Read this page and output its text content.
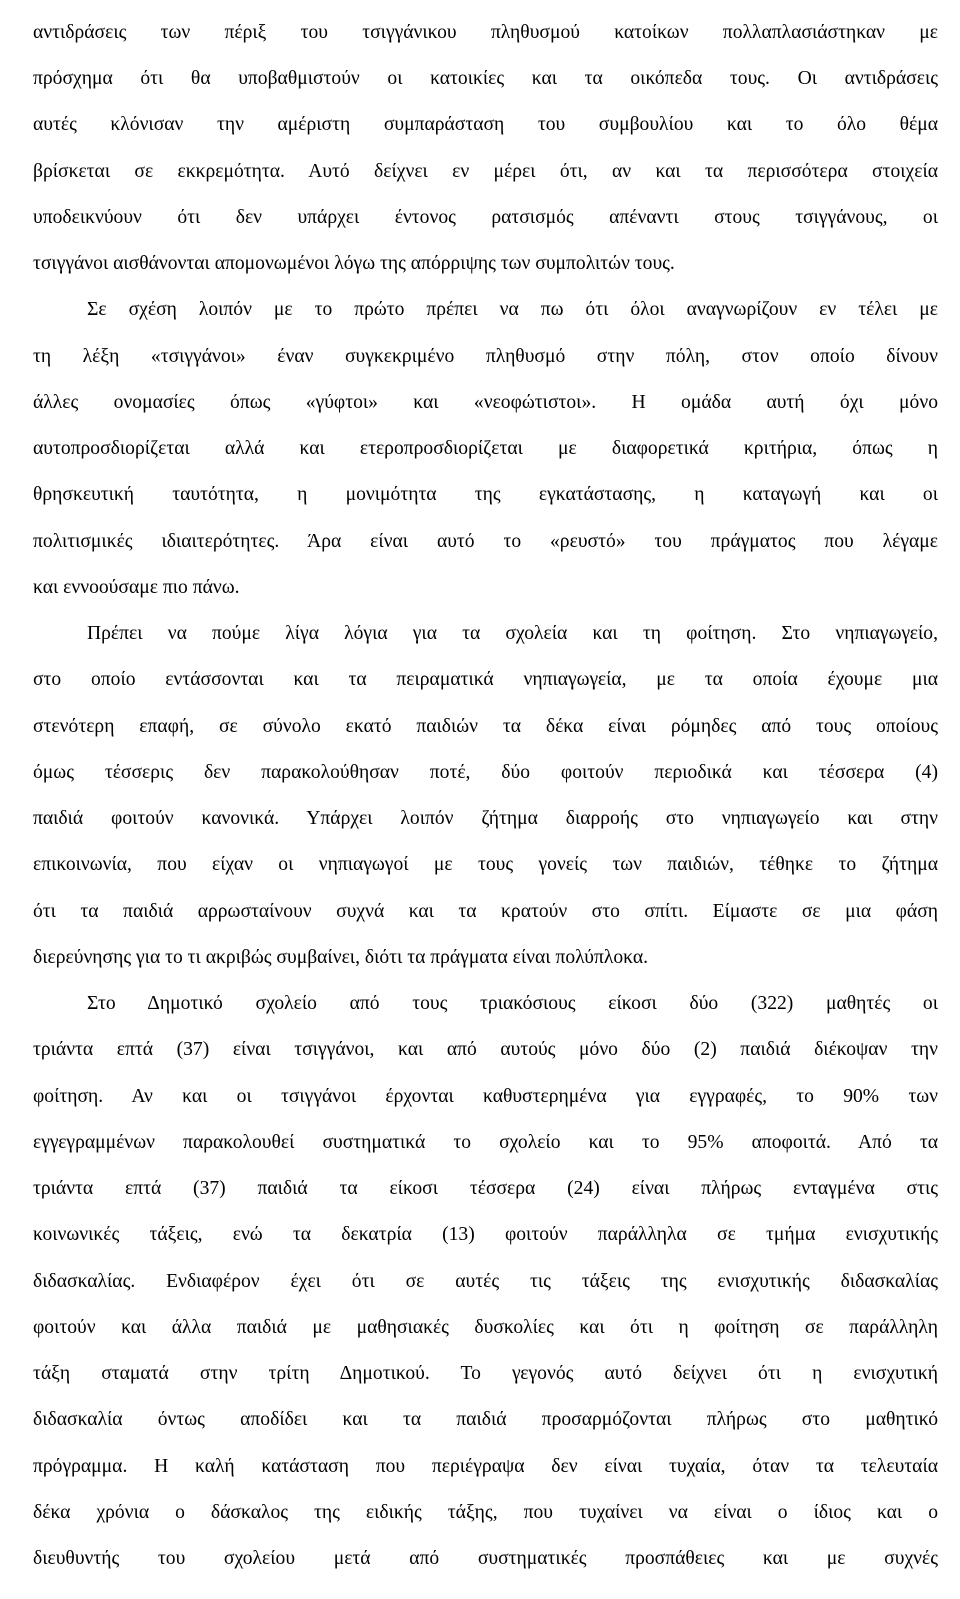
αντιδράσεις των πέριξ του τσιγγάνικου πληθυσμού κατοίκων πολλαπλασιάστηκαν με
πρόσχημα ότι θα υποβαθμιστούν οι κατοικίες και τα οικόπεδα τους. Οι αντιδράσεις
αυτές κλόνισαν την αμέριστη συμπαράσταση του συμβουλίου και το όλο θέμα
βρίσκεται σε εκκρεμότητα. Αυτό δείχνει εν μέρει ότι, αν και τα περισσότερα στοιχεία
υποδεικνύουν ότι δεν υπάρχει έντονος ρατσισμός απέναντι στους τσιγγάνους, οι
τσιγγάνοι αισθάνονται απομονωμένοι λόγω της απόρριψης των συμπολιτών τους.
Σε σχέση λοιπόν με το πρώτο πρέπει να πω ότι όλοι αναγνωρίζουν εν τέλει με
τη λέξη «τσιγγάνοι» έναν συγκεκριμένο πληθυσμό στην πόλη, στον οποίο δίνουν
άλλες ονομασίες όπως «γύφτοι» και «νεοφώτιστοι». Η ομάδα αυτή όχι μόνο
αυτοπροσδιορίζεται αλλά και ετεροπροσδιορίζεται με διαφορετικά κριτήρια, όπως η
θρησκευτική ταυτότητα, η μονιμότητα της εγκατάστασης, η καταγωγή και οι
πολιτισμικές ιδιαιτερότητες. Άρα είναι αυτό το «ρευστό» του πράγματος που λέγαμε
και εννοούσαμε πιο πάνω.
Πρέπει να πούμε λίγα λόγια για τα σχολεία και τη φοίτηση. Στο νηπιαγωγείο,
στο οποίο εντάσσονται και τα πειραματικά νηπιαγωγεία, με τα οποία έχουμε μια
στενότερη επαφή, σε σύνολο εκατό παιδιών τα δέκα είναι ρόμηδες από τους οποίους
όμως τέσσερις δεν παρακολούθησαν ποτέ, δύο φοιτούν περιοδικά και τέσσερα (4)
παιδιά φοιτούν κανονικά. Υπάρχει λοιπόν ζήτημα διαρροής στο νηπιαγωγείο και στην
επικοινωνία, που είχαν οι νηπιαγωγοί με τους γονείς των παιδιών, τέθηκε το ζήτημα
ότι τα παιδιά αρρωσταίνουν συχνά και τα κρατούν στο σπίτι. Είμαστε σε μια φάση
διερεύνησης για το τι ακριβώς συμβαίνει, διότι τα πράγματα είναι πολύπλοκα.
Στο Δημοτικό σχολείο από τους τριακόσιους είκοσι δύο (322) μαθητές οι
τριάντα επτά (37) είναι τσιγγάνοι, και από αυτούς μόνο δύο (2) παιδιά διέκοψαν την
φοίτηση. Αν και οι τσιγγάνοι έρχονται καθυστερημένα για εγγραφές, το 90% των
εγγεγραμμένων παρακολουθεί συστηματικά το σχολείο και το 95% αποφοιτά. Από τα
τριάντα επτά (37) παιδιά τα είκοσι τέσσερα (24) είναι πλήρως ενταγμένα στις
κοινωνικές τάξεις, ενώ τα δεκατρία (13) φοιτούν παράλληλα σε τμήμα ενισχυτικής
διδασκαλίας. Ενδιαφέρον έχει ότι σε αυτές τις τάξεις της ενισχυτικής διδασκαλίας
φοιτούν και άλλα παιδιά με μαθησιακές δυσκολίες και ότι η φοίτηση σε παράλληλη
τάξη σταματά στην τρίτη Δημοτικού. Το γεγονός αυτό δείχνει ότι η ενισχυτική
διδασκαλία όντως αποδίδει και τα παιδιά προσαρμόζονται πλήρως στο μαθητικό
πρόγραμμα. Η καλή κατάσταση που περιέγραψα δεν είναι τυχαία, όταν τα τελευταία
δέκα χρόνια ο δάσκαλος της ειδικής τάξης, που τυχαίνει να είναι ο ίδιος και ο
διευθυντής του σχολείου μετά από συστηματικές προσπάθειες και με συχνές
